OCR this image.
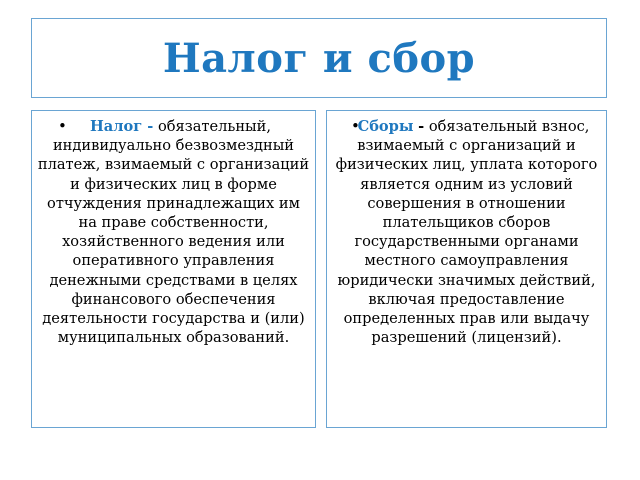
Налог и сбор
•	Налог - обязательный, индивидуально безвозмездный платеж, взимаемый с организаций и физических лиц в форме отчуждения принадлежащих им на праве собственности, хозяйственного ведения или оперативного управления денежными средствами в целях финансового обеспечения деятельности государства и (или) муниципальных образований.

•

Сборы - обязательный взнос, взимаемый с организаций и физических лиц, уплата которого является одним из условий совершения в отношении плательщиков сборов государственными органами местного самоуправления юридически значимых действий, включая предоставление определенных прав или выдачу разрешений (лицензий).
